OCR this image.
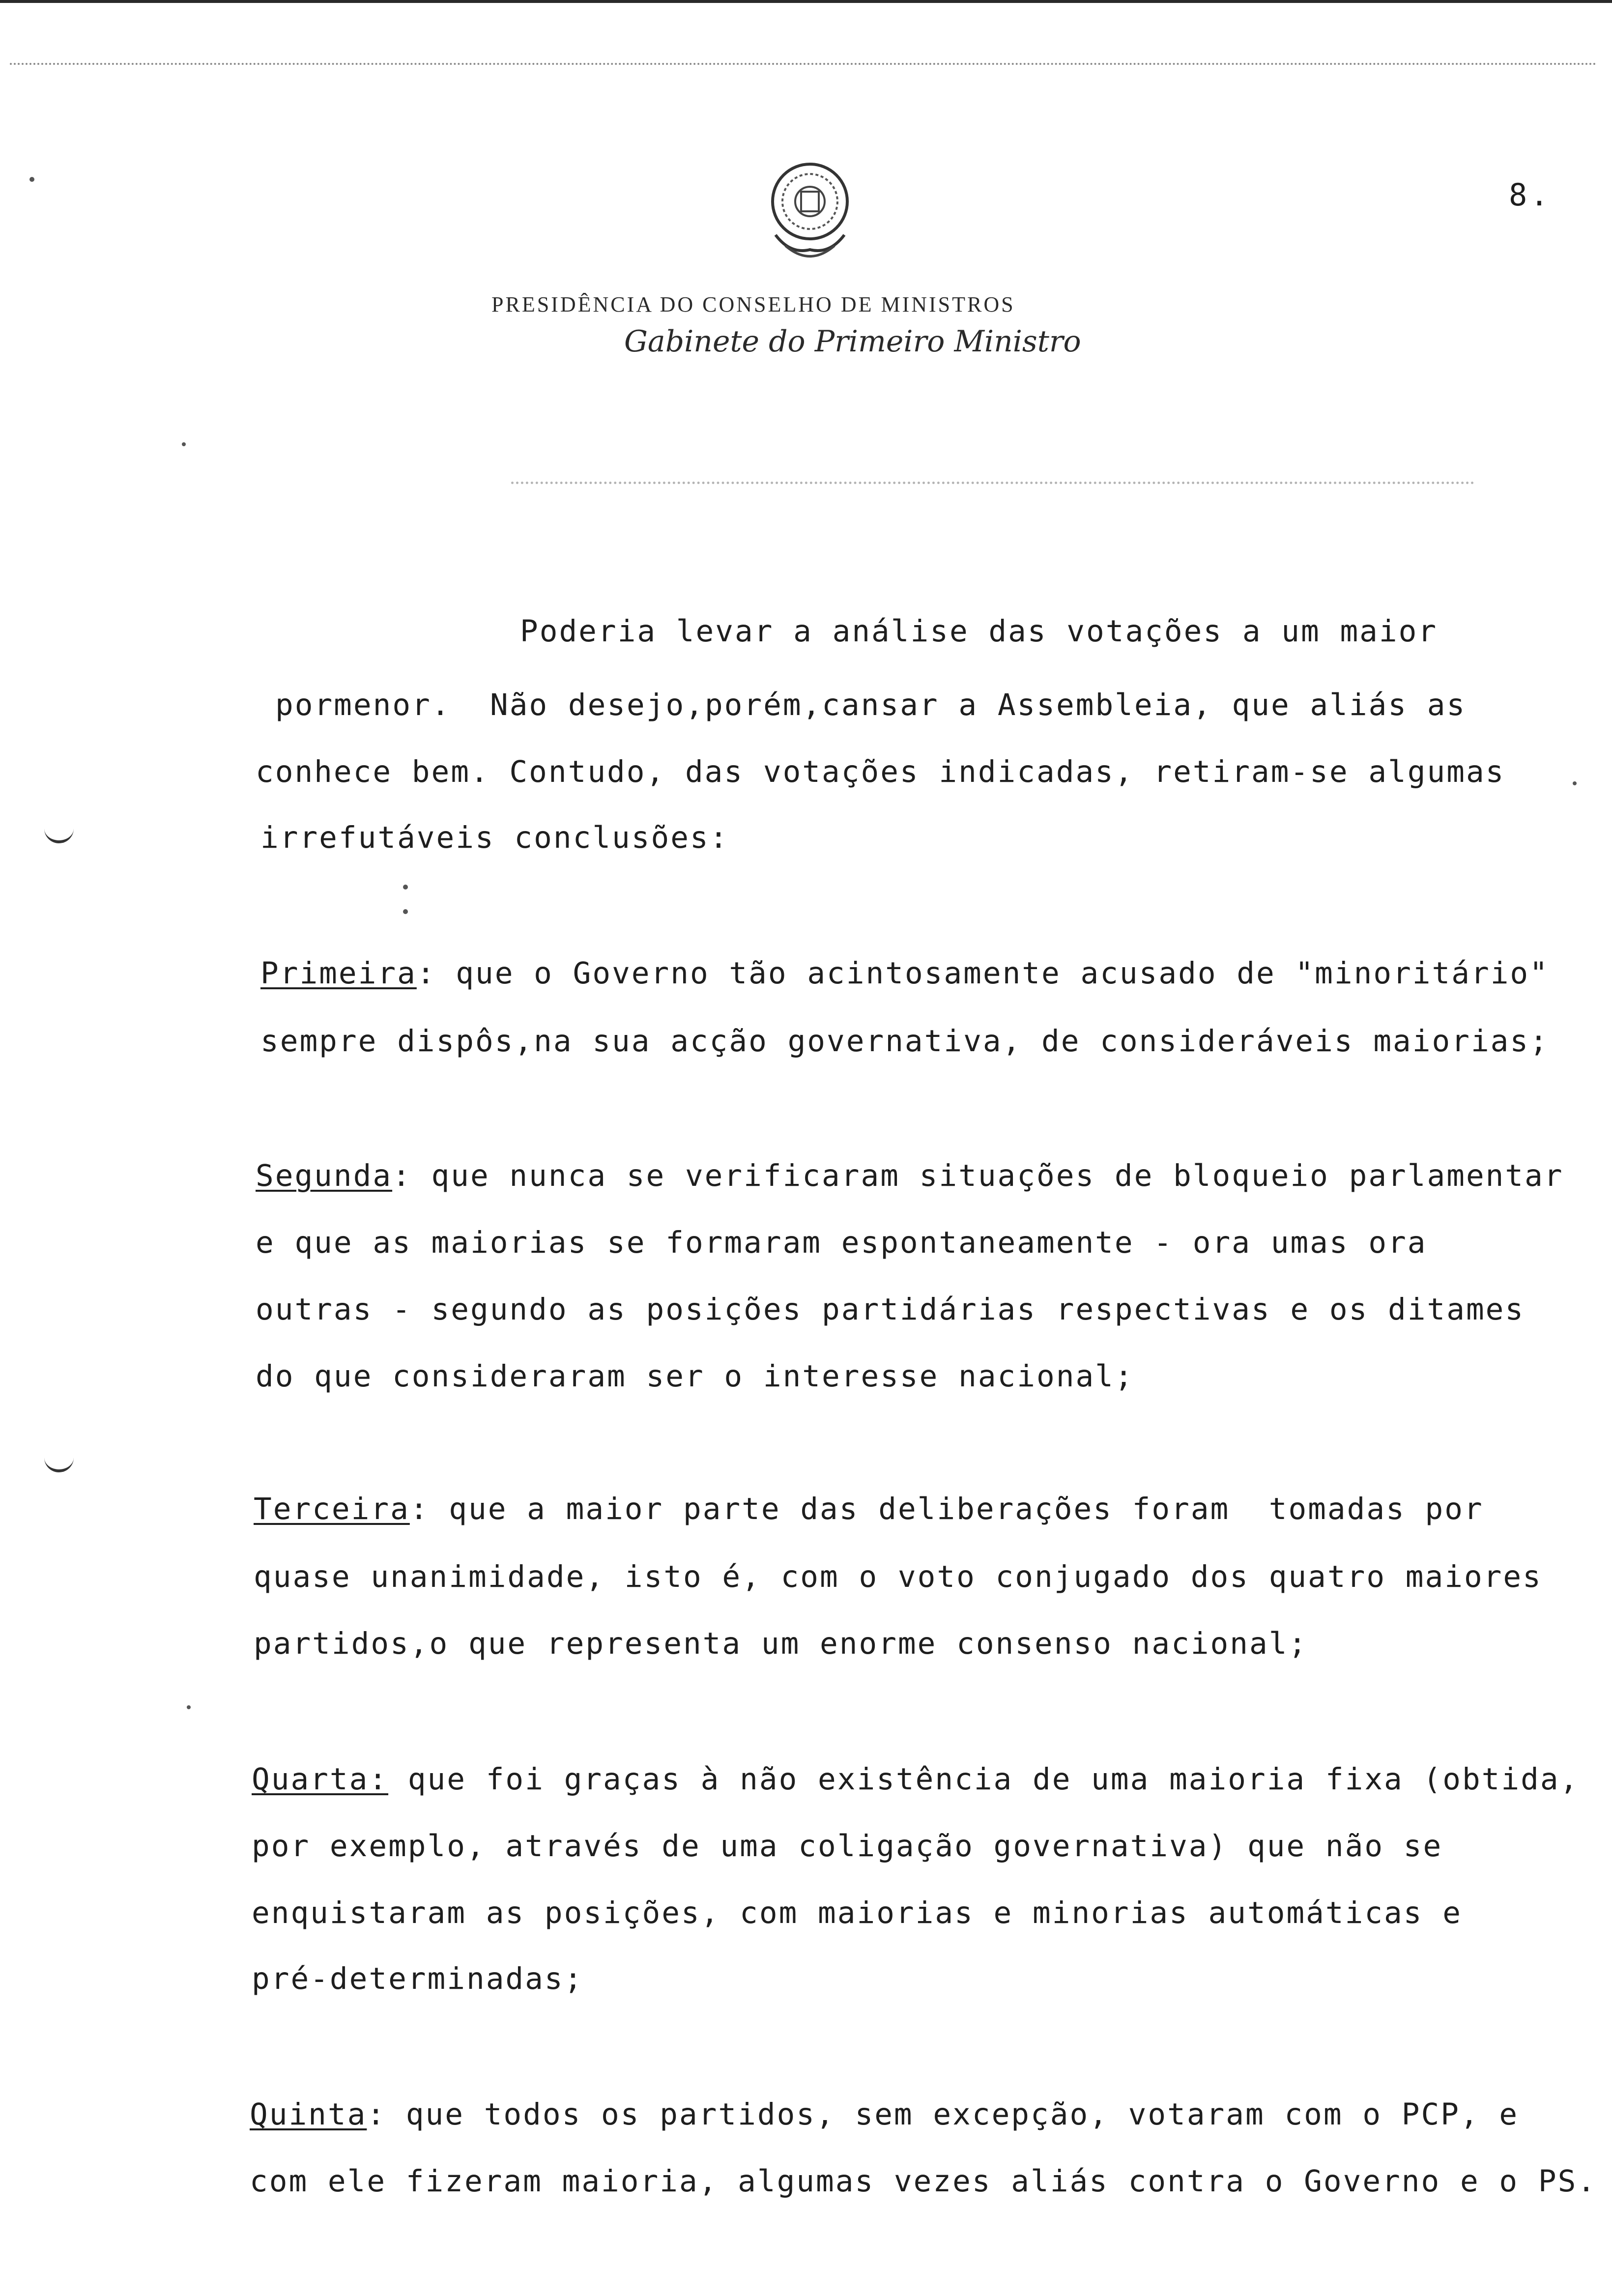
8.
PRESIDÊNCIA DO CONSELHO DE MINISTROS
Gabinete do Primeiro Ministro
Poderia levar a análise das votações a um maior
pormenor.  Não desejo,porém,cansar a Assembleia, que aliás as
conhece bem. Contudo, das votações indicadas, retiram-se algumas
irrefutáveis conclusões:
Primeira: que o Governo tão acintosamente acusado de "minoritário"
sempre dispôs,na sua acção governativa, de consideráveis maiorias;
Segunda: que nunca se verificaram situações de bloqueio parlamentar
e que as maiorias se formaram espontaneamente - ora umas ora
outras - segundo as posições partidárias respectivas e os ditames
do que consideraram ser o interesse nacional;
Terceira: que a maior parte das deliberações foram  tomadas por
quase unanimidade, isto é, com o voto conjugado dos quatro maiores
partidos,o que representa um enorme consenso nacional;
Quarta: que foi graças à não existência de uma maioria fixa (obtida,
por exemplo, através de uma coligação governativa) que não se
enquistaram as posições, com maiorias e minorias automáticas e
pré-determinadas;
Quinta: que todos os partidos, sem excepção, votaram com o PCP, e
com ele fizeram maioria, algumas vezes aliás contra o Governo e o PS.
